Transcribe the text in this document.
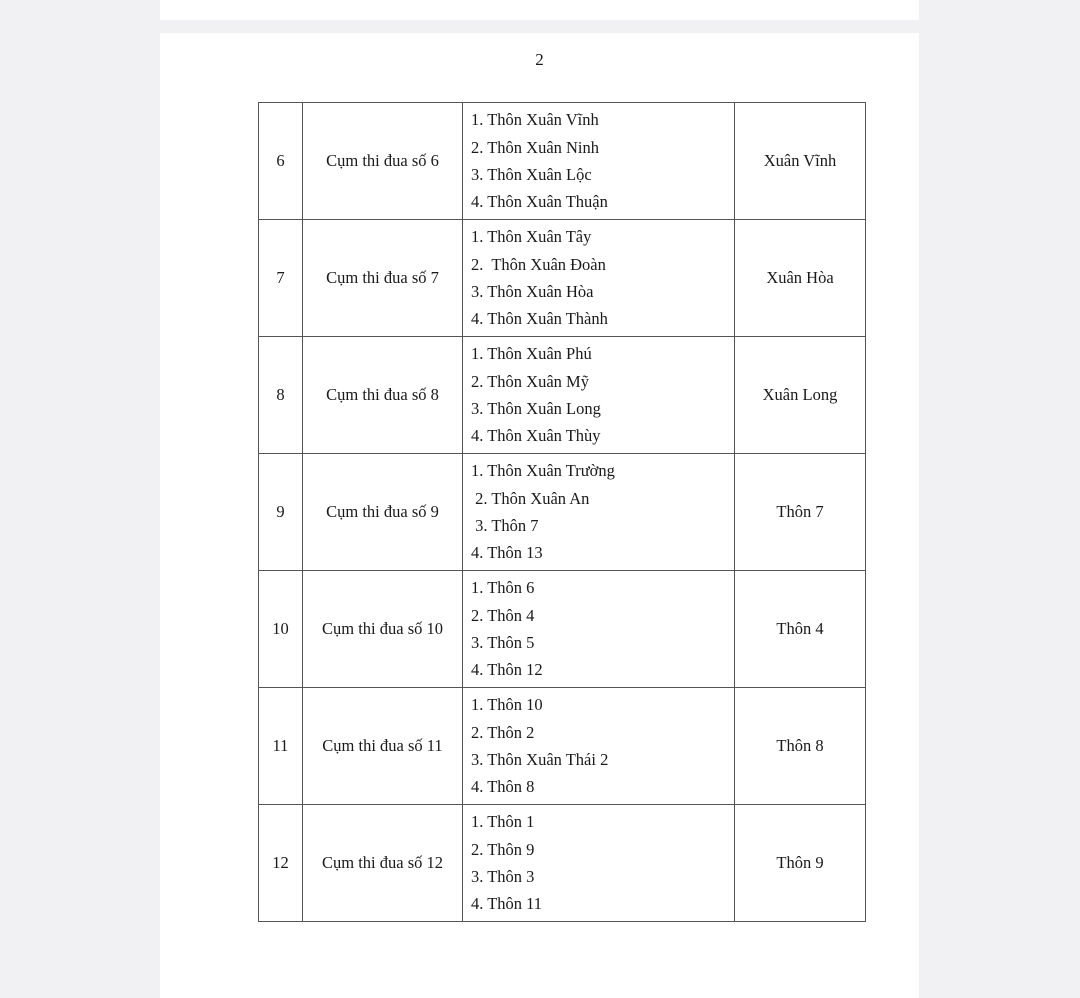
2
6	Cụm thi đua số 6	1. Thôn Xuân Vĩnh
2. Thôn Xuân Ninh
3. Thôn Xuân Lộc
4. Thôn Xuân Thuận	Xuân Vĩnh
7	Cụm thi đua số 7	1. Thôn Xuân Tây
2.  Thôn Xuân Đoàn
3. Thôn Xuân Hòa
4. Thôn Xuân Thành	Xuân Hòa
8	Cụm thi đua số 8	1. Thôn Xuân Phú
2. Thôn Xuân Mỹ
3. Thôn Xuân Long
4. Thôn Xuân Thùy	Xuân Long
9	Cụm thi đua số 9	1. Thôn Xuân Trường
2. Thôn Xuân An
3. Thôn 7
4. Thôn 13	Thôn 7
10	Cụm thi đua số 10	1. Thôn 6
2. Thôn 4
3. Thôn 5
4. Thôn 12	Thôn 4
11	Cụm thi đua số 11	1. Thôn 10
2. Thôn 2
3. Thôn Xuân Thái 2
4. Thôn 8	Thôn 8
12	Cụm thi đua số 12	1. Thôn 1
2. Thôn 9
3. Thôn 3
4. Thôn 11	Thôn 9
